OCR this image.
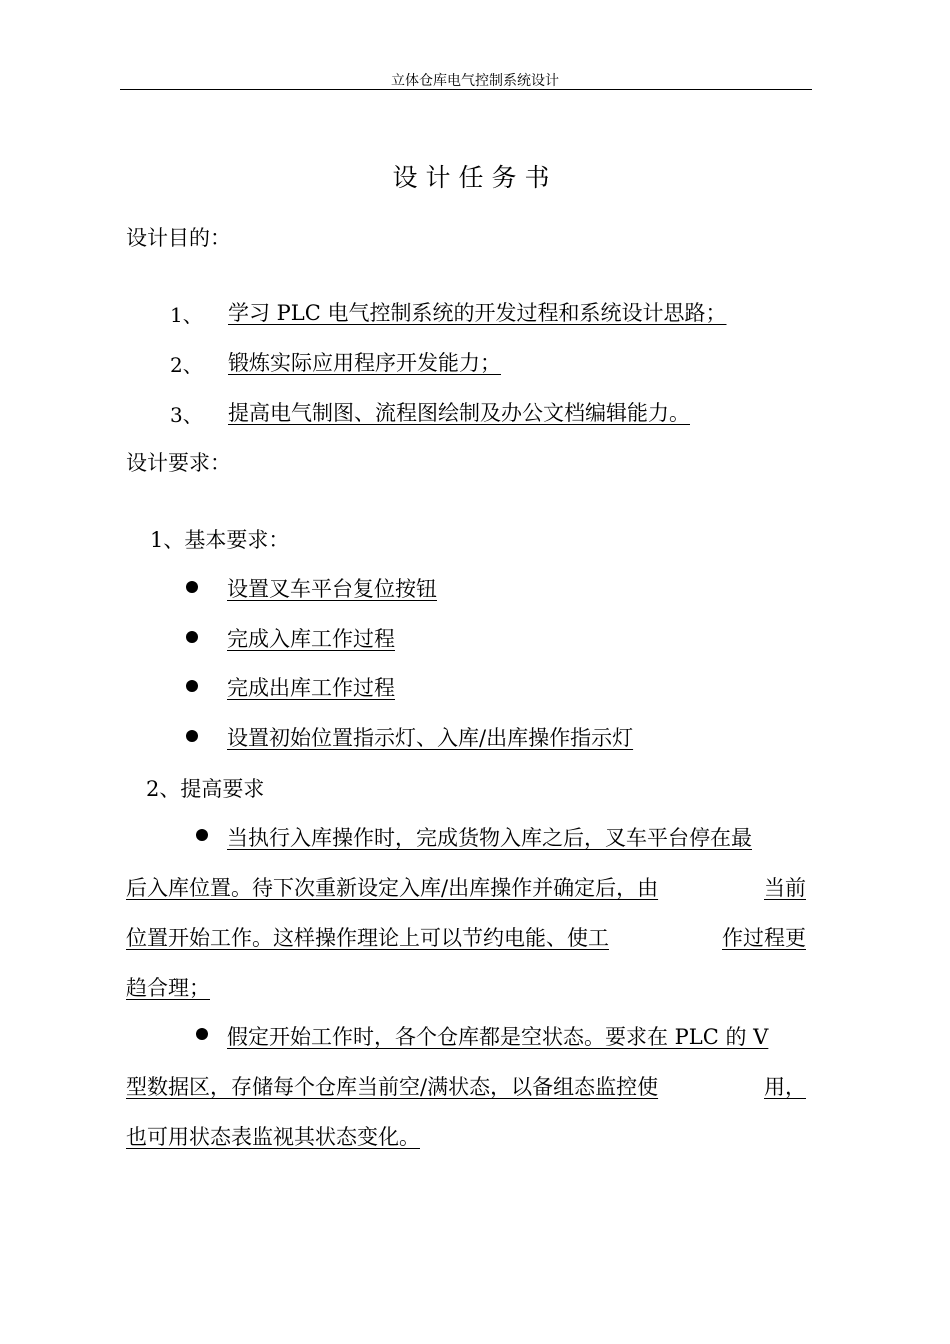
立体仓库电气控制系统设计
设计任务书
设计目的：
1、 学习 PLC 电气控制系统的开发过程和系统设计思路；
2、 锻炼实际应用程序开发能力；
3、 提高电气制图、流程图绘制及办公文档编辑能力。
设计要求：
1、基本要求：
设置叉车平台复位按钮
完成入库工作过程
完成出库工作过程
设置初始位置指示灯、入库/出库操作指示灯
2、提高要求
当执行入库操作时，完成货物入库之后，叉车平台停在最
后入库位置。待下次重新设定入库/出库操作并确定后，由	当前
位置开始工作。这样操作理论上可以节约电能、使工	作过程更
趋合理；
假定开始工作时，各个仓库都是空状态。要求在 PLC 的 V
型数据区，存储每个仓库当前空/满状态，以备组态监控使	用，
也可用状态表监视其状态变化。
